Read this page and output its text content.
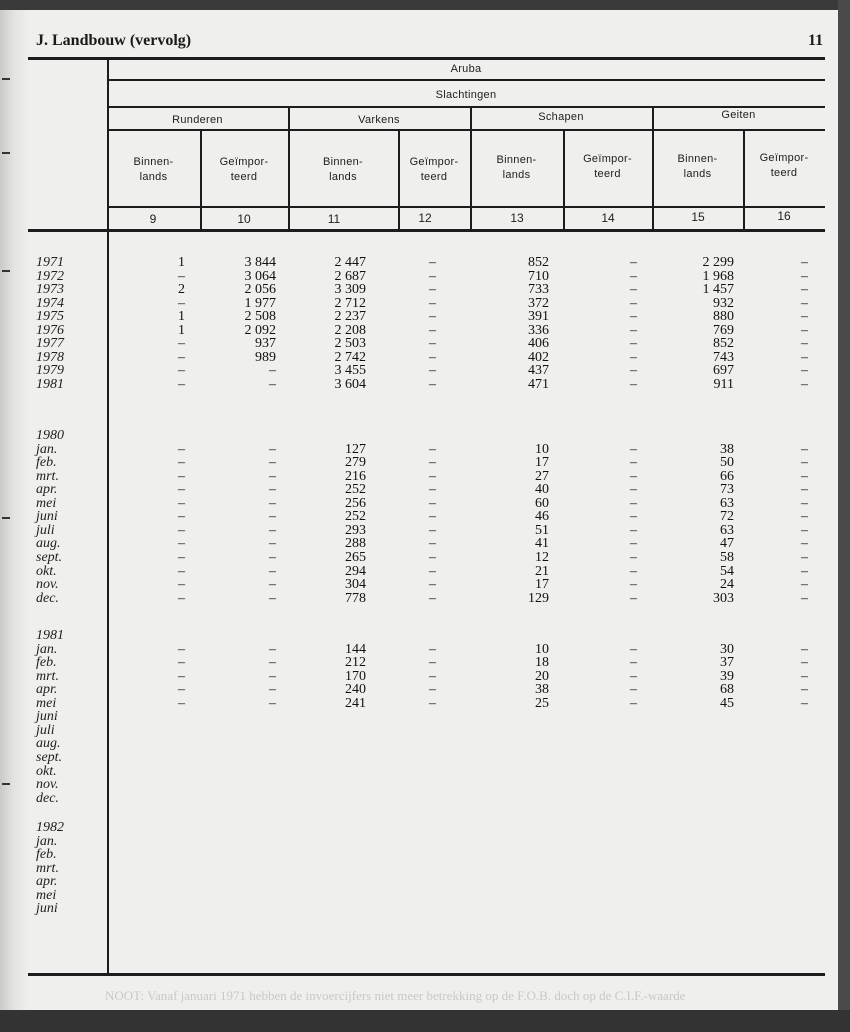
J. Landbouw (vervolg)	11
NOOT: Vanaf januari 1971 hebben de invoercijfers niet meer betrekking op de F.O.B. doch op de C.I.F.-waarde
Aruba
Slachtingen
Runderen	Varkens	Schapen	Geiten
Binnen-
lands
Geïmpor-
teerd
Binnen-
lands
Geïmpor-
teerd
Binnen-
lands
Geïmpor-
teerd
Binnen-
lands
Geïmpor-
teerd
9	10	11	12	13	14	15	16
1971	1	3 844	2 447	–	852	–	2 299	–
1972	–	3 064	2 687	–	710	–	1 968	–
1973	2	2 056	3 309	–	733	–	1 457	–
1974	–	1 977	2 712	–	372	–	932	–
1975	1	2 508	2 237	–	391	–	880	–
1976	1	2 092	2 208	–	336	–	769	–
1977	–	937	2 503	–	406	–	852	–
1978	–	989	2 742	–	402	–	743	–
1979	–	–	3 455	–	437	–	697	–
1981	–	–	3 604	–	471	–	911	–
1980
jan.	–	–	127	–	10	–	38	–
feb.	–	–	279	–	17	–	50	–
mrt.	–	–	216	–	27	–	66	–
apr.	–	–	252	–	40	–	73	–
mei	–	–	256	–	60	–	63	–
juni	–	–	252	–	46	–	72	–
juli	–	–	293	–	51	–	63	–
aug.	–	–	288	–	41	–	47	–
sept.	–	–	265	–	12	–	58	–
okt.	–	–	294	–	21	–	54	–
nov.	–	–	304	–	17	–	24	–
dec.	–	–	778	–	129	–	303	–
1981
jan.	–	–	144	–	10	–	30	–
feb.	–	–	212	–	18	–	37	–
mrt.	–	–	170	–	20	–	39	–
apr.	–	–	240	–	38	–	68	–
mei	–	–	241	–	25	–	45	–
juni
juli
aug.
sept.
okt.
nov.
dec.
1982
jan.
feb.
mrt.
apr.
mei
juni
